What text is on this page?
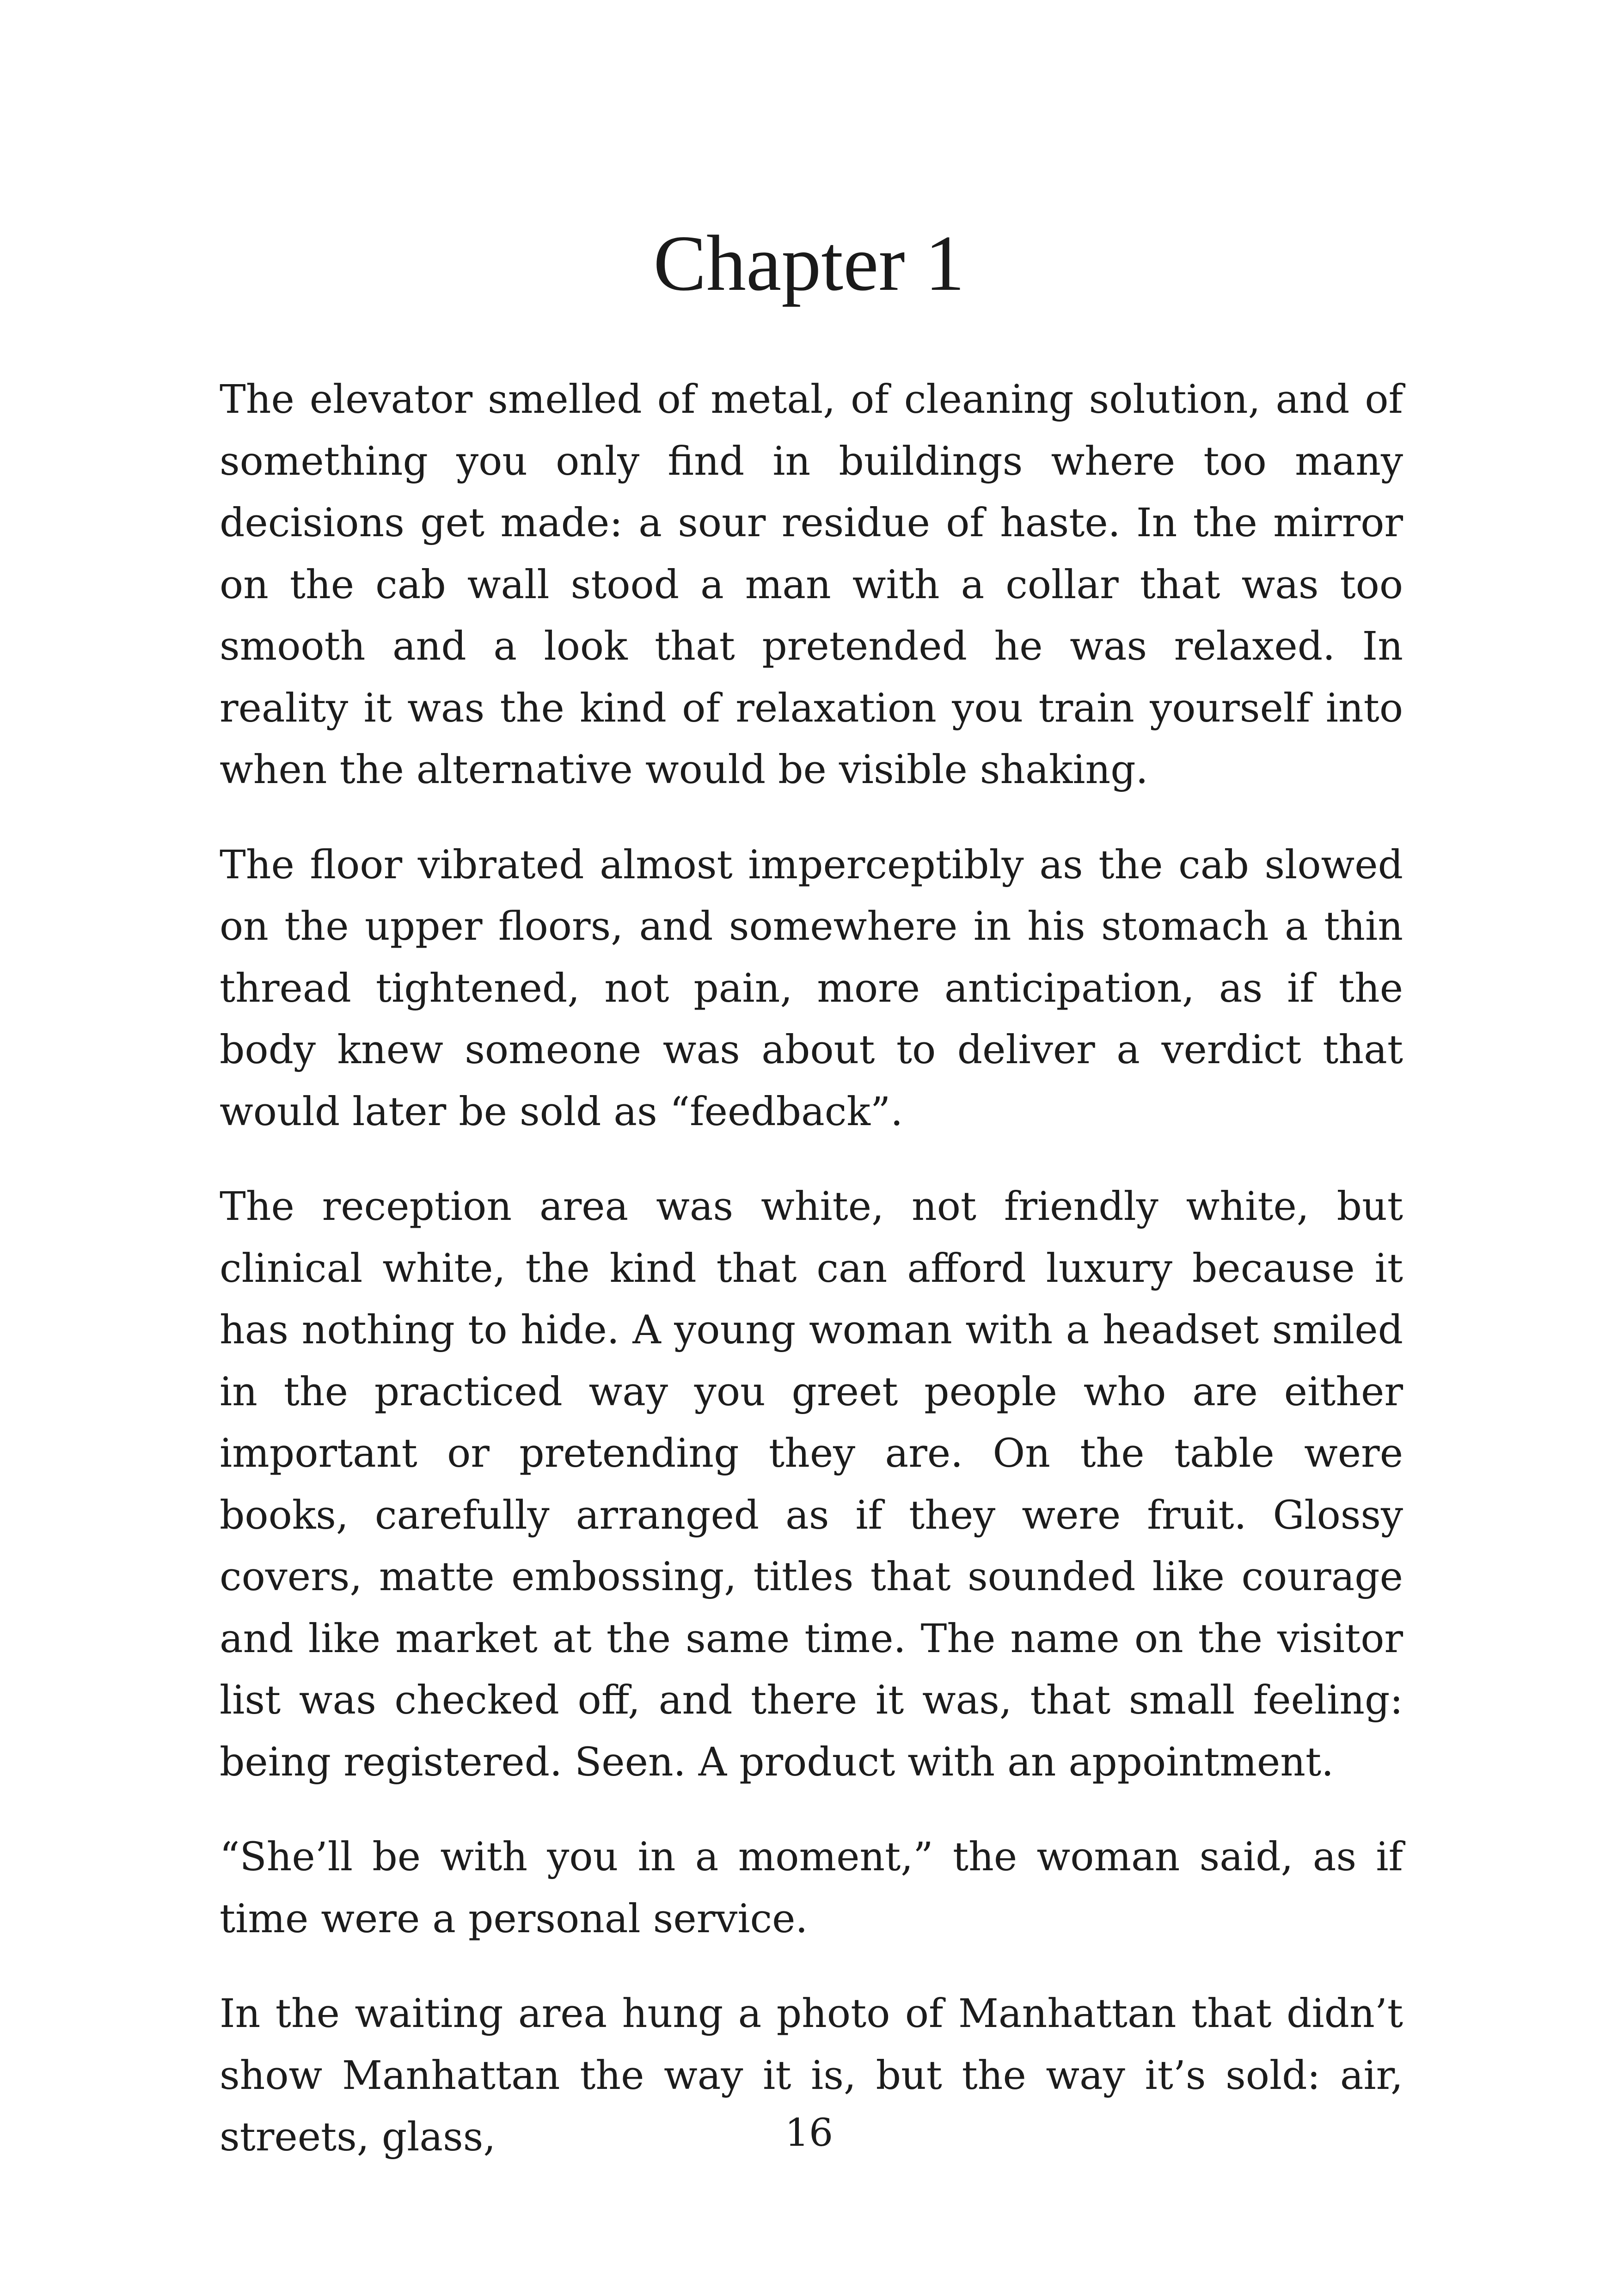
Chapter 1

The elevator smelled of metal, of cleaning solution, and of something you only find in buildings where too many decisions get made: a sour residue of haste. In the mirror on the cab wall stood a man with a collar that was too smooth and a look that pretended he was relaxed. In reality it was the kind of relaxation you train yourself into when the alternative would be visible shaking.

The floor vibrated almost imperceptibly as the cab slowed on the upper floors, and somewhere in his stomach a thin thread tightened, not pain, more anticipation, as if the body knew someone was about to deliver a verdict that would later be sold as “feedback”.

The reception area was white, not friendly white, but clinical white, the kind that can afford luxury because it has nothing to hide. A young woman with a headset smiled in the practiced way you greet people who are either important or pretending they are. On the table were books, carefully arranged as if they were fruit. Glossy covers, matte embossing, titles that sounded like courage and like market at the same time. The name on the visitor list was checked off, and there it was, that small feeling: being registered. Seen. A product with an appointment.

“She’ll be with you in a moment,” the woman said, as if time were a personal service.

In the waiting area hung a photo of Manhattan that didn’t show Manhattan the way it is, but the way it’s sold: air, streets, glass,	16
